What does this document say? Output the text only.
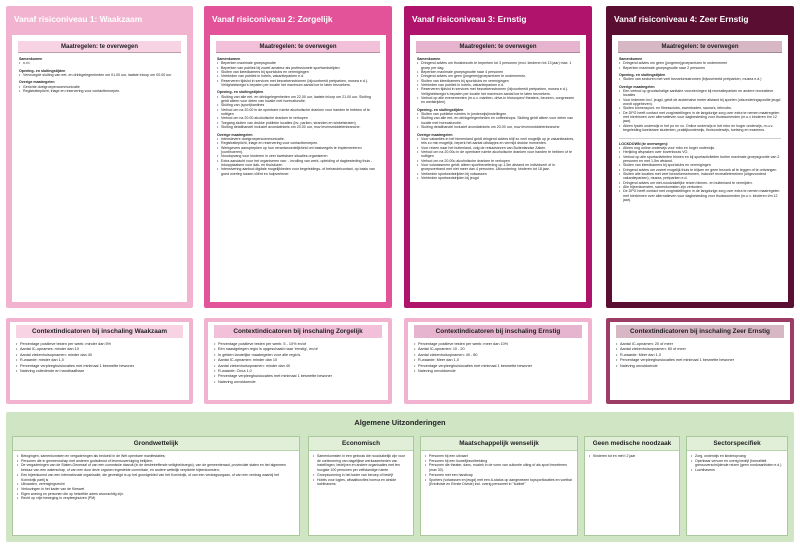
Vanaf risiconiveau 1: Waakzaam
Maatregelen: te overwegen
Samenkomen
• n.v.t.
Opening- en sluitingstijden
• Vervroegde sluiting van eet- en drinkgelegenheden om 01.00 uur, laatste inloop om 00.00 uur
Overige maatregelen
• Gerichte doelgroepencommunicatie
• Registratieplicht, triage en reservering voor contactberoepen.
Vanaf risiconiveau 2: Zorgelijk
Maatregelen: te overwegen
Samenkomen
• Beperken maximale groepsgrootte
• Beperken van publiek bij zowel amateur als professionele sportwedstrijden
• Sluiten van kleedkamers bij sportclubs en verenigingen
• Verbieden van publiek in hotels, vakantieparken e.d.
• Reserveren tijdslot in services met bezoekersstromen (bijvoorbeeld pretparken, musea e.d.). Veiligheidsregio's bepalen per locatie het maximum aantal toe te laten bezoekers.
Opening- en sluitingstijden
• Sluiting van alle eet- en drinkgelegenheden om 22.00 uur, laatste inloop om 21.00 uur. Sluiting geldt alleen voor delen van locatie met horecafunctie.
• Sluiting van (sport)kantines
• Verbod om na 20.00 in de openbare ruimte alcoholische dranken voor handen te hebben of te nuttigen
• Verbod om na 20.00 alcoholische dranken te verkopen
• Toegang sluiten van drukke publieke locaties (bv- parken, stranden en winkelstraten)
• Sluiting detailhandel inclusief avondwinkels om 20.00 uur, muv levensmiddelenbranche.
Overige maatregelen
• Intensievere doelgroepencommunicatie.
• Registratieplicht, triage en reservering voor contactberoepen.
• Werkgevers aansprepken op hun verantwoordelijkheid om basisregels te implementeren (continueren).
• Noodopvang voor kinderen in zeer kwetsbare situaties organiseren
• Extra aandacht voor het organiseren van: - invulling van werk, opleiding of dagbesteding thuis - inloopplaatsen voor dak- en thuislozen
• Intensivering aanbod digitale mogelijkheden voor begeleidings- of behandelcontact, op basis van goed overleg tussen cliënt en hulpverlener.
Vanaf risiconiveau 3: Ernstig
Maatregelen: te overwegen
Samenkomen
• Dringend advies om thuisbezoek te beperken tot 3 personen (excl. kinderen tot 13 jaar) max. 1 groep per dag.
• Beperken maximale groepsgrootte naar 4 personen
• Dringend advies om geen (jongeren)groepsreizen te ondernemen.
• Sluiten van kleedkamers bij sportclubs en verenigingen
• Verbieden van publiek in hotels, vakantieparken e.d.
• Reserveren tijdslot in services met bezoekersstromen (bijvoorbeeld pretparken, musea e.d.). Veiligheidsregio's bepalen per locatie het maximum aantal toe te laten bezoekers.
• Verbod op alle evenementen (m.u.v. markten, drive-in bioscopen/ theaters, beurzen, congressen en wedstrijden)
Opening- en sluitingstijden
• Sluiten van publieke ruimtes in (onderwijs)instellingen
• Sluiting van alle eet- en drinkgelegenheden en coffeeshops. Sluiting geldt alleen voor delen van locatie met horecafunctie.
• Sluiting detailhandel inclusief avondwinkels om 20.00 uur, muv levensmiddelenbranche
Overige maatregelen
• Voor vakanties in het binnenland geldt dringend advies blijf zo veel mogelijk op je vakantieadres, reis zo min mogelijk, beperk het aantal uitstapjes en vermijd drukke momenten.
• Voor reizen naar het buitenland, volg de reisadviezen van Buitenlandse Zaken.
• Verbod om na 20.00u in de openbare ruimte alcoholische dranken voor handen te hebben of te nuttigen
• Verbod om na 20.00u alcoholische dranken te verkopen
• Voor volwassenen geldt; alleen sportbeoefening op 1,5m afstand en individueel of in groepsverband met niet meer dan 4 personen. Uitzondering: kinderen tot 18 jaar.
• Verbieden sportwedstrijden bij volwassen
• Verbieden sportwedstrijden bij jeugd
Vanaf risiconiveau 4: Zeer Ernstig
Maatregelen: te overwegen
Samenkomen
• Dringend advies om geen (jongeren)groepsreizen te ondernemen
• Beperken maximale groepsgrootte naar 2 personen
Opening- en sluitingstijden
• Sluiten van sectoren met veel bezoekersstromen (bijvoorbeeld pretparken, musea e.d.)
Overige maatregelen
• Een verbod op grootschalige sanitaire voorzieningen bij recreatieparken en andere recreatieve locaties
• Voor iedereen incl. jeugd, geldt de anderhalve meter afstand bij sporten (uitzonderingspositie jeugd wordt opgeheven).
• Sluiten binnensport- en fitnessclubs, zwembaden, sauna's, telecubs.
• De DPG heeft contact met zorginstellingen in de langdurige zorg over extra te nemen maatregelen met hierbinnen over alternatieven voor dagbesteding voor thuiswonenden (m.u.v kinderen t/m 12 jaar).
• Alleen fysiek onderwijs in het po en vo. Online onderwijs in het mbo en hoger onderwijs, m.u.v. begeleiding kwetsbare studenten, praktijkonderwijs, thuisonderwijs, toetsing en examens.
LOCKDOWN (te overwegen):
• Alleen nog online onderwijs voor mbo en hoger onderwijs.
• Herijking afspraken over bovenbouw VO.
• Verbod op alle sportactiviteiten binnen en bij sportactiviteiten buiten maximale groepsgrootte van 2 personen en met 1,5m afstand.
• Sluiten van kleedkamers bij sportclubs en verenigingen
• Dringend advies om zoveel mogelijk thuis te blijven en geen bezoek af te leggen of te ontvangen
• Sluiten alle locaties met veel bezoekersstromen, inclusief recreatieterreinen (uitgezonderd vakantieparken), musea, pretparken e.d.
• Dringend advies om niet-noodzakelijke reizen binnen- en buitenland te vermijden.
• Alle bijeenkomsten, samenkomsten zijn verboden.
• De DPG heeft contact met zorginstellingen in de langdurige zorg over extra te nemen maatregelen met hierbinnen over alternatieven voor dagbesteding voor thuiswonenden (m.u.v. kinderen t/m 12 jaar).
Contextindicatoren bij inschaling Waakzaam
• Percentage positieve testen per week: minder dan 5%
• Aantal IC-opnames: minder dan 10
• Aantal ziekenhuisopnamen: minder dan 40
• R-waarde: minder dan 1,0
• Percentage verpleeghuislocaties met minimaal 1 besmette bewoner
• Naleving volledende en handhaafbaar
Contextindicatoren bij inschaling Zorgelijk
• Percentage positieve testen per week: 5 - 10% en/of
• Eén naastgelegen regio is opgeschaald naar 'ernstig', en/of
• In gelden landelijke maatregelen voor alle regio's.
• Aantal IC-opnamen: minder dan 10
• Aantal ziekenhuisopnamen: minder dan 40
• R-waarde: Circa 1,0
• Percentage verpleeghuislocaties met minimaal 1 besmette bewoner
• Naleving onvoldoende
Contextindicatoren bij inschaling Ernstig
• Percentage positieve testen per week: meer dan 10%
• Aantal IC-opnamen: 10 - 20
• Aantal ziekenhuisopnamen: 40 - 80
• R-waarde: Meer dan 1,0
• Percentage verpleeghuislocaties met minimaal 1 besmette bewoner
• Naleving onvoldoende
Contextindicatoren bij inschaling Zeer Ernstig
• Aantal IC-opnamen: 20 of meer
• Aantal ziekenhuisopnamen: 80 of meer
• R-waarde: Meer dan 1,0
• Percentage verpleeghuislocaties met minimaal 1 besmette bewoner
• Naleving onvoldoende
Algemene Uitzonderingen
Grondwettelijk
• Betogingen, samenkomsten en vergaderingen als bedoeld in de Wet openbare manifestaties;
• Personen die in gemeenschap met anderen godsdienst of levensovertuiging belijden;
• De vergaderingen van de Staten-Generaal of van een commissie daaruit (in de desbetreffende veiligheidsregio), van de gemeenteraad, provinciale staten en het algemeen bestuur van een waterschap, of van een door deze organen ingestelde commissie, en andere wettelijk verplichte bijeenkomsten;
• Een bijeenkomst van een internationale organisatie, die gevestigd is op het grondgebied van het Koninkrijk, of van een verdragsorgaan, of van een verdrag waarbij het Koninkrijk partij is
• Uitvaarten, verenigingsrecht
• Verkozingen in het kader van de Kieswet
• Eigen woning en personen die op hetzelfde adres woonachtig zijn.
• Recht op vrije beweging in verpleeghuizen (PM)
Economisch
• Samenkomsten in een gebouw die noodzakelijk zijn voor de continuering van dagelijkse werkzaamheden van instellingen, bedrijven en andere organisaties met ten hoogste 100 personen per zelfstandige ruimte
• Groepsvorming in het kader van beroep of bedrijf
• Hotels voor logies, afhaalfuncties horeca en airside luchthavens
Maatschappelijk wenselijk
• Personen bij een uitvaart
• Personen bij een huwelijksvoltrekking
• Personen die theater, dans, muziek in de vorm van culturele uiting of als sport beoefenen (max 30).
• Personen met een handicap
• Sporters (volwassen en jeugd) met een A-status op aangewezen topsportlocaties en voetbal (Eredivisie en Eerste Divisie) incl. overig personeel in "bubbel"
Geen medische noodzaak
• Kinderen tot en met t 2 jaar
Sectorspecifiek
• Zorg, onderwijs en kinderopvang
• Openbaar vervoer en overig bedrijf (formaliteit grensoverschrijdende reizen (geen rondvaartboten e.d.)
• Luchthavens
